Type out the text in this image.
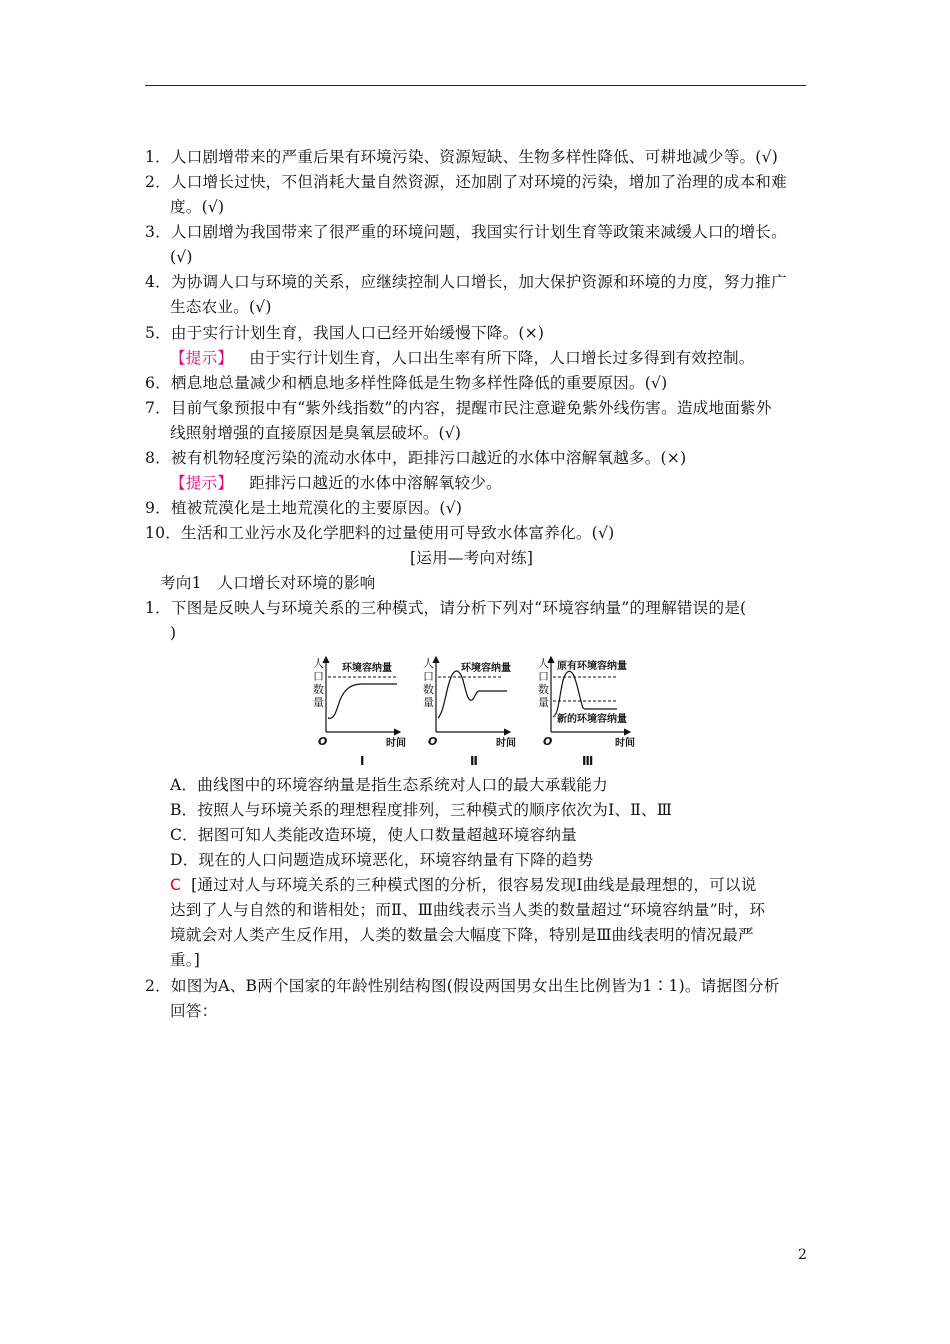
1．人口剧增带来的严重后果有环境污染、资源短缺、生物多样性降低、可耕地减少等。(√)
2．人口增长过快，不但消耗大量自然资源，还加剧了对环境的污染，增加了治理的成本和难
度。(√)
3．人口剧增为我国带来了很严重的环境问题，我国实行计划生育等政策来减缓人口的增长。
(√)
4．为协调人口与环境的关系，应继续控制人口增长，加大保护资源和环境的力度，努力推广
生态农业。(√)
5．由于实行计划生育，我国人口已经开始缓慢下降。(×)
【提示】 由于实行计划生育，人口出生率有所下降，人口增长过多得到有效控制。
6．栖息地总量减少和栖息地多样性降低是生物多样性降低的重要原因。(√)
7．目前气象预报中有“紫外线指数”的内容，提醒市民注意避免紫外线伤害。造成地面紫外
线照射增强的直接原因是臭氧层破坏。(√)
8．被有机物轻度污染的流动水体中，距排污口越近的水体中溶解氧越多。(×)
【提示】 距排污口越近的水体中溶解氧较少。
9．植被荒漠化是土地荒漠化的主要原因。(√)
10．生活和工业污水及化学肥料的过量使用可导致水体富养化。(√)
[运用—考向对练]
考向1　人口增长对环境的影响
1．下图是反映人与环境关系的三种模式，请分析下列对“环境容纳量”的理解错误的是(
)
人
口
数
量
O	时间
环境容纳量
Ⅰ
人
口
数
量
O	时间
环境容纳量
Ⅱ
人
口
数
量
O	时间
原有环境容纳量
新的环境容纳量
Ⅲ
A．曲线图中的环境容纳量是指生态系统对人口的最大承载能力
B．按照人与环境关系的理想程度排列，三种模式的顺序依次为Ⅰ、Ⅱ、Ⅲ
C．据图可知人类能改造环境，使人口数量超越环境容纳量
D．现在的人口问题造成环境恶化，环境容纳量有下降的趋势
C [通过对人与环境关系的三种模式图的分析，很容易发现Ⅰ曲线是最理想的，可以说
达到了人与自然的和谐相处；而Ⅱ、Ⅲ曲线表示当人类的数量超过“环境容纳量”时，环
境就会对人类产生反作用，人类的数量会大幅度下降，特别是Ⅲ曲线表明的情况最严
重。]
2．如图为A、B两个国家的年龄性别结构图(假设两国男女出生比例皆为1∶1)。请据图分析
回答：
2
